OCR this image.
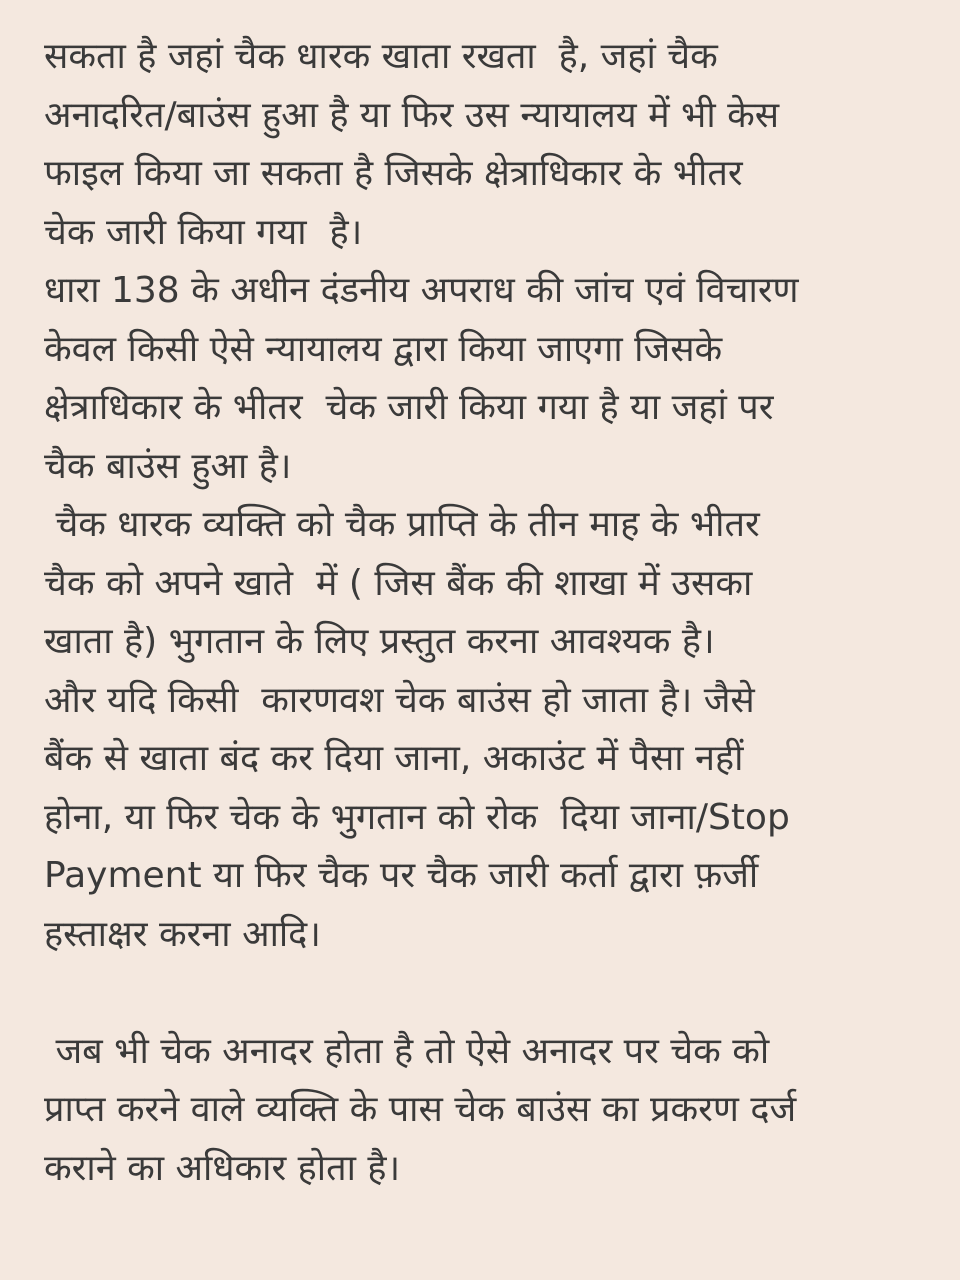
सकता है जहां चैक धारक खाता रखता  है, जहां चैक
अनादरित/बाउंस हुआ है या फिर उस न्यायालय में भी केस
फाइल किया जा सकता है जिसके क्षेत्राधिकार के भीतर
चेक जारी किया गया  है।
धारा 138 के अधीन दंडनीय अपराध की जांच एवं विचारण
केवल किसी ऐसे न्यायालय द्वारा किया जाएगा जिसके
क्षेत्राधिकार के भीतर  चेक जारी किया गया है या जहां पर
चैक बाउंस हुआ है।
चैक धारक व्यक्ति को चैक प्राप्ति के तीन माह के भीतर
चैक को अपने खाते  में ( जिस बैंक की शाखा में उसका
खाता है) भुगतान के लिए प्रस्तुत करना आवश्यक है।
और यदि किसी  कारणवश चेक बाउंस हो जाता है। जैसे
बैंक से खाता बंद कर दिया जाना, अकाउंट में पैसा नहीं
होना, या फिर चेक के भुगतान को रोक  दिया जाना/Stop
Payment या फिर चैक पर चैक जारी कर्ता द्वारा फ़र्जी
हस्ताक्षर करना आदि।
जब भी चेक अनादर होता है तो ऐसे अनादर पर चेक को
प्राप्त करने वाले व्यक्ति के पास चेक बाउंस का प्रकरण दर्ज
कराने का अधिकार होता है।
